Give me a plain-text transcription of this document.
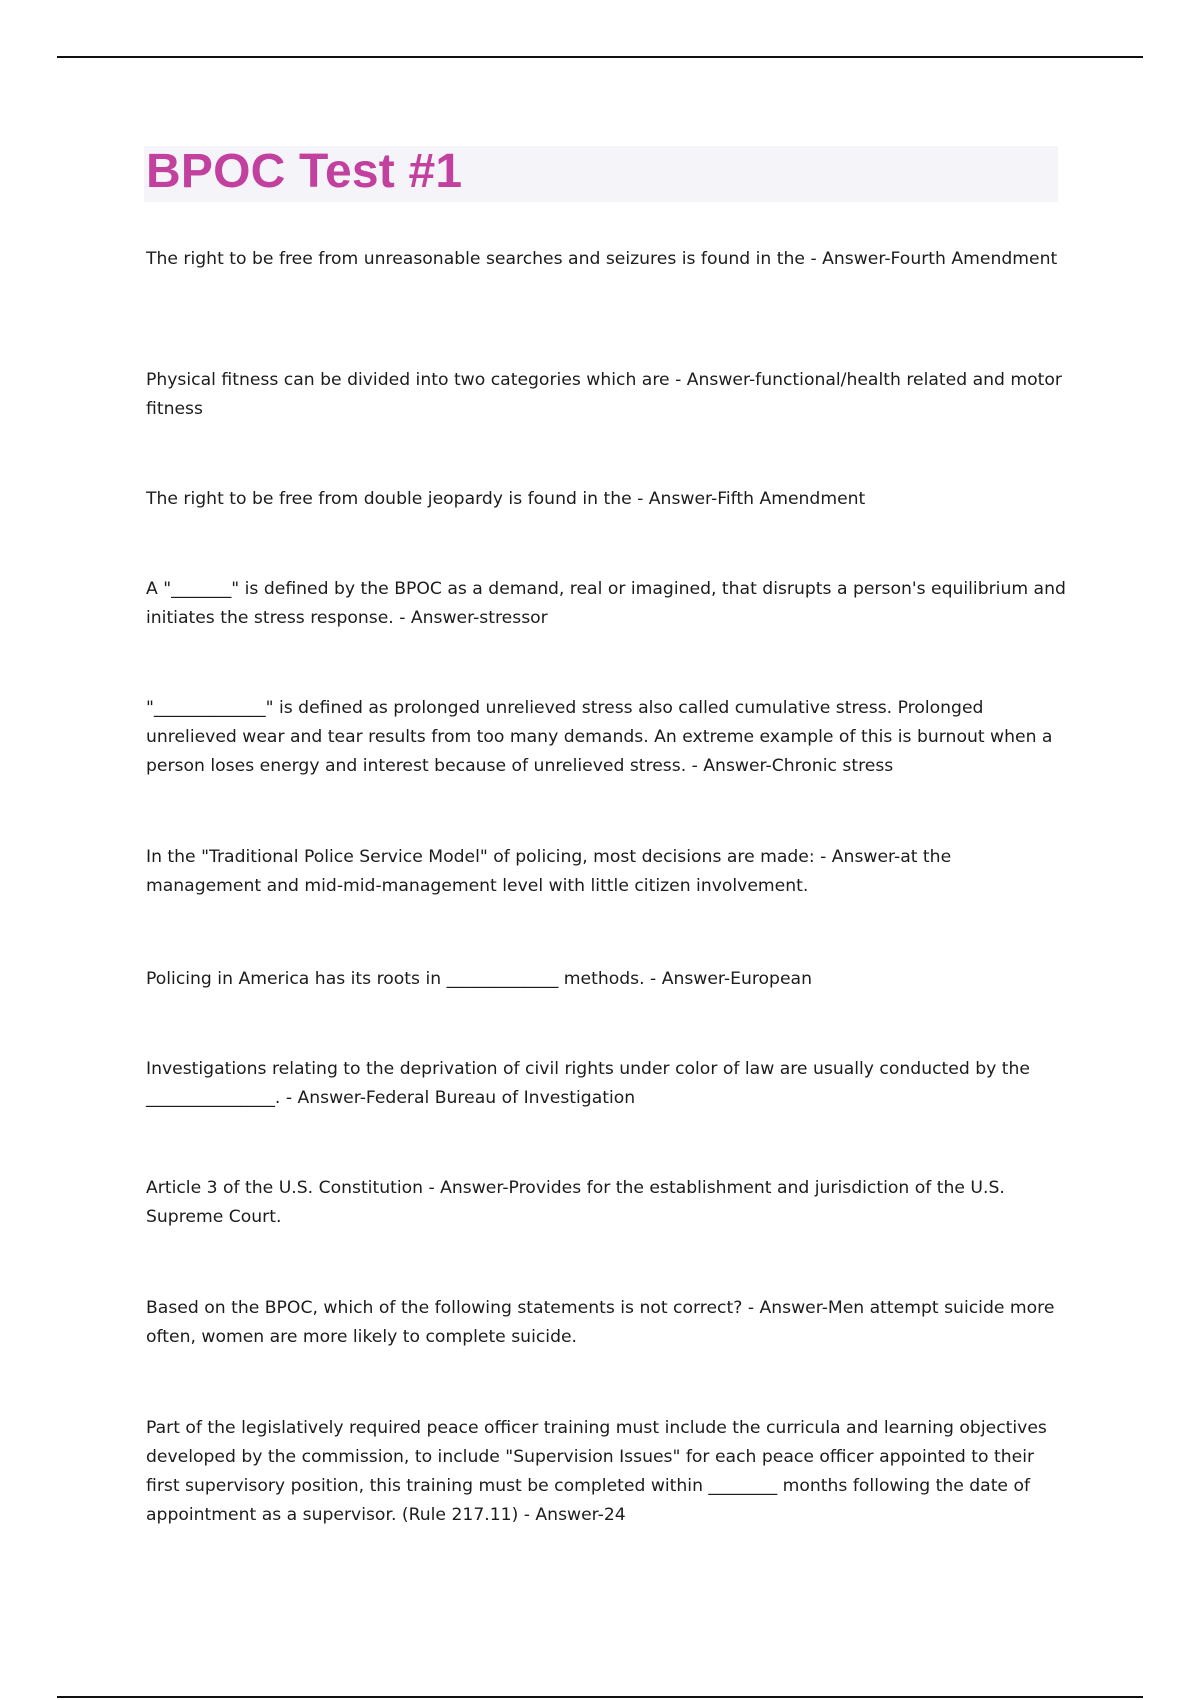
BPOC Test #1

The right to be free from unreasonable searches and seizures is found in the - Answer-Fourth Amendment

Physical fitness can be divided into two categories which are - Answer-functional/health related and motor fitness

The right to be free from double jeopardy is found in the - Answer-Fifth Amendment

A "_______" is defined by the BPOC as a demand, real or imagined, that disrupts a person's equilibrium and initiates the stress response. - Answer-stressor

"_____________" is defined as prolonged unrelieved stress also called cumulative stress. Prolonged unrelieved wear and tear results from too many demands. An extreme example of this is burnout when a person loses energy and interest because of unrelieved stress. - Answer-Chronic stress

In the "Traditional Police Service Model" of policing, most decisions are made: - Answer-at the management and mid-mid-management level with little citizen involvement.

Policing in America has its roots in _____________ methods. - Answer-European

Investigations relating to the deprivation of civil rights under color of law are usually conducted by the _______________. - Answer-Federal Bureau of Investigation

Article 3 of the U.S. Constitution - Answer-Provides for the establishment and jurisdiction of the U.S. Supreme Court.

Based on the BPOC, which of the following statements is not correct? - Answer-Men attempt suicide more often, women are more likely to complete suicide.

Part of the legislatively required peace officer training must include the curricula and learning objectives developed by the commission, to include "Supervision Issues" for each peace officer appointed to their first supervisory position, this training must be completed within ________ months following the date of appointment as a supervisor. (Rule 217.11) - Answer-24
